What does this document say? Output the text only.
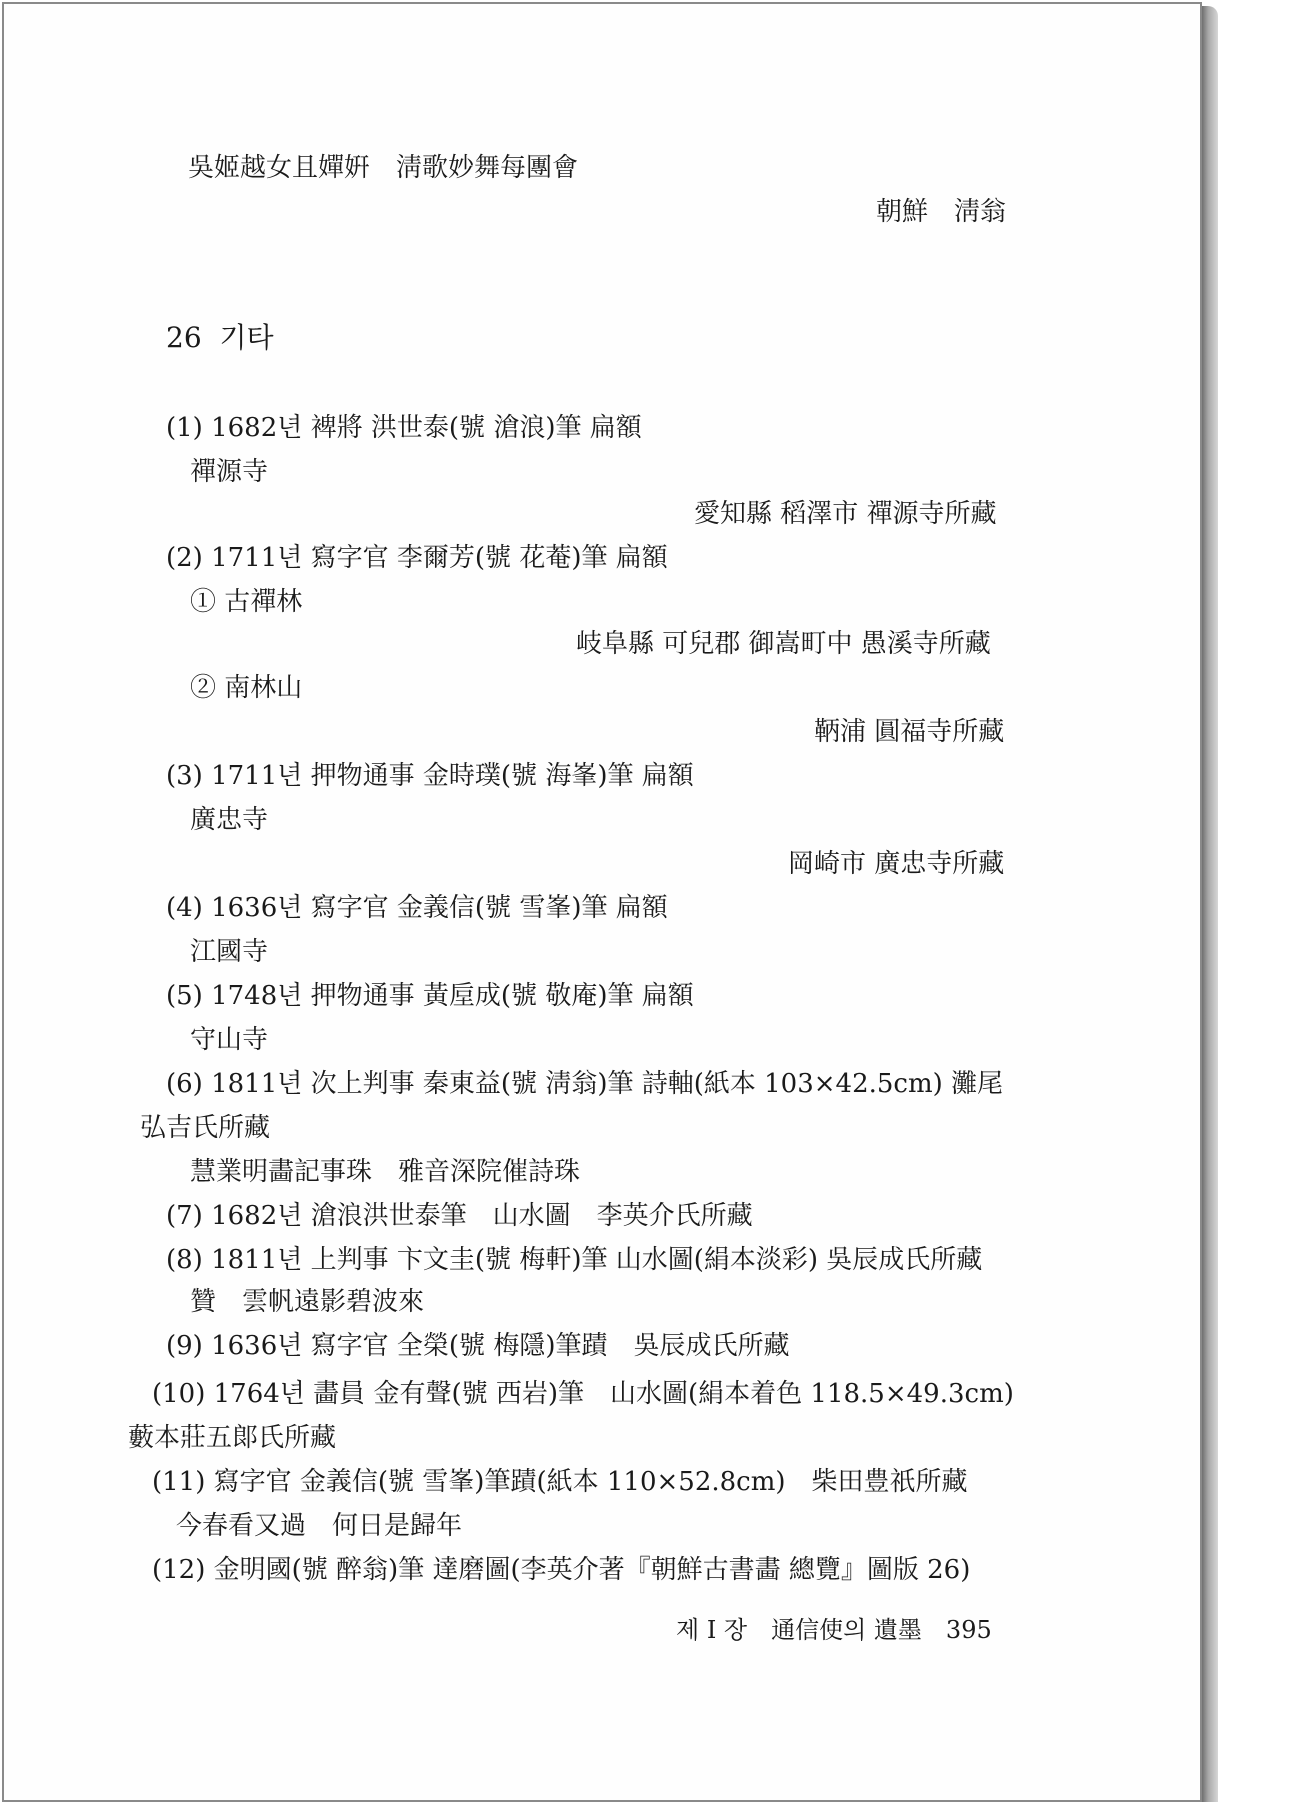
吳姬越女且嬋姸　淸歌妙舞每團會
朝鮮　淸翁
26 기타
(1) 1682년 裨將 洪世泰(號 滄浪)筆 扁額
禪源寺
愛知縣 稻澤市 禪源寺所藏
(2) 1711년 寫字官 李爾芳(號 花菴)筆 扁額
① 古禪林
岐阜縣 可兒郡 御嵩町中 愚溪寺所藏
② 南林山
鞆浦 圓福寺所藏
(3) 1711년 押物通事 金時璞(號 海峯)筆 扁額
廣忠寺
岡崎市 廣忠寺所藏
(4) 1636년 寫字官 金義信(號 雪峯)筆 扁額
江國寺
(5) 1748년 押物通事 黃垕成(號 敬庵)筆 扁額
守山寺
(6) 1811년 次上判事 秦東益(號 淸翁)筆 詩軸(紙本 103×42.5cm) 灘尾
弘吉氏所藏
慧業明畵記事珠　雅音深院催詩珠
(7) 1682년 滄浪洪世泰筆　山水圖　李英介氏所藏
(8) 1811년 上判事 卞文圭(號 梅軒)筆 山水圖(絹本淡彩) 吳辰成氏所藏
贊　雲帆遠影碧波來
(9) 1636년 寫字官 全榮(號 梅隱)筆蹟　吳辰成氏所藏
(10) 1764년 畵員 金有聲(號 西岩)筆　山水圖(絹本着色 118.5×49.3cm)
藪本莊五郞氏所藏
(11) 寫字官 金義信(號 雪峯)筆蹟(紙本 110×52.8cm)　柴田豊祇所藏
今春看又過　何日是歸年
(12) 金明國(號 醉翁)筆 達磨圖(李英介著『朝鮮古書畵 總覽』圖版 26)
제 I 장　通信使의 遺墨　395
